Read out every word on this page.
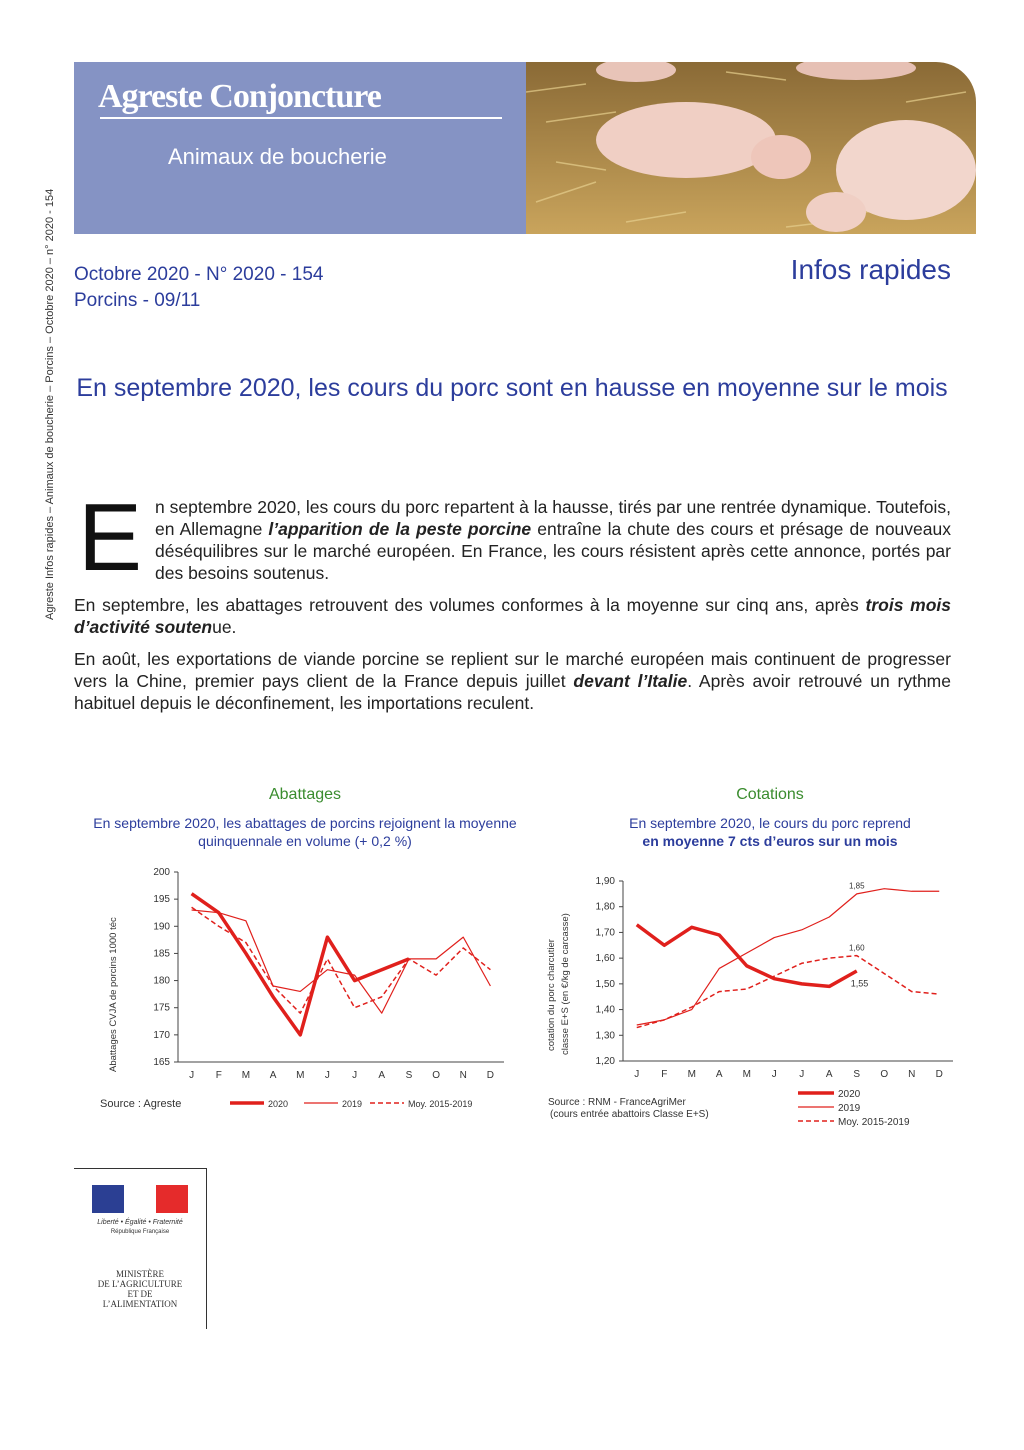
Agreste Infos rapides – Animaux de boucherie – Porcins – Octobre 2020 – n° 2020 - 154
Agreste Conjoncture
Animaux de boucherie
Octobre 2020 - N° 2020 - 154
Porcins - 09/11
Infos rapides
En septembre 2020, les cours du porc sont en hausse en moyenne sur le mois
E n septembre 2020, les cours du porc repartent à la hausse, tirés par une rentrée dynamique. Toutefois, en Allemagne l’apparition de la peste porcine entraîne la chute des cours et présage de nouveaux déséquilibres sur le marché européen. En France, les cours résistent après cette annonce, portés par des besoins soutenus.
En septembre, les abattages retrouvent des volumes conformes à la moyenne sur cinq ans, après trois mois d’activité soutenue.
En août, les exportations de viande porcine se replient sur le marché européen mais continuent de progresser vers la Chine, premier pays client de la France depuis juillet devant l’Italie. Après avoir retrouvé un rythme habituel depuis le déconfinement, les importations reculent.
Abattages
En septembre 2020, les abattages de porcins rejoignent la moyenne quinquennale en volume (+ 0,2 %)
Cotations
En septembre 2020, le cours du porc reprend
en moyenne 7 cts d’euros sur un mois
165
170
175
180
185
190
195
200
J F M A M J J A S O N D
Abattages CVJA de porcins 1000 téc
Source : Agreste	2020	2019	Moy. 2015-2019
1,20
1,30
1,40
1,50
1,60
1,70
1,80
1,90
J F M A M J J A S O N D
cotation du porc charcutier classe E+S (en €/kg de carcasse)
1,85
1,60
1,55
Source : RNM - FranceAgriMer
(cours entrée abattoirs Classe E+S)
2020
2019
Moy. 2015-2019
Liberté • Égalité • Fraternité
République Française
MINISTÈRE
DE L’AGRICULTURE
ET DE
L’ALIMENTATION
